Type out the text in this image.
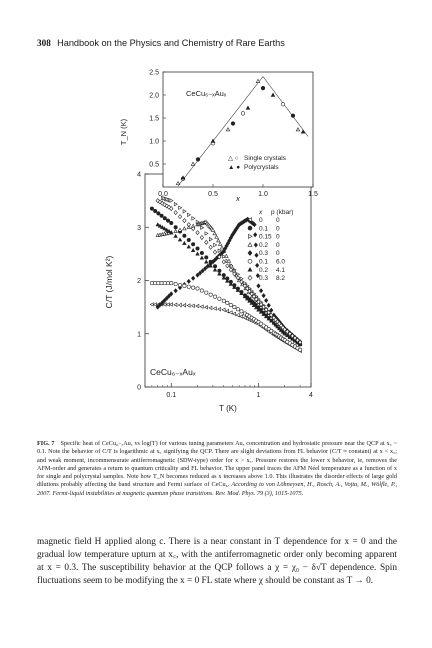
308 Handbook on the Physics and Chemistry of Rare Earths
0
1
2
3
4
0.1	1	4
C/T (J/mol K²)
T (K)
CeCu₆₋ₓAuₓ
x p (kbar)
0 0
0.1 0
0.15 0
0.2 0
0.3 0
0.1 6.0
0.2 4.1
0.3 8.2
0.5
1.0
1.5
2.0
2.5
0.0	0.5	1.0	1.5
T_N (K)
x
CeCu₆₋ₓAuₓ
△ ○ Single crystals
▲ ● Polycrystals
FIG. 7 Specific heat of CeCu₆₋ₓAuₓ vs log(T) for various tuning parameters Auₓ concentration and hydrostatic pressure near the QCP at x꜀ ~ 0.1. Note the behavior of C/T is logarithmic at x꜀ signifying the QCP. There are slight deviations from FL behavior (C/T ≈ constant) at x < x꜀; and weak moment, incommensurate antiferromagnetic (SDW-type) order for x > x꜀. Pressure restores the lower x behavior, ie, removes the AFM-order and generates a return to quantum criticality and FL behavior. The upper panel traces the AFM Néel temperature as a function of x for single and polycrystal samples. Note how T_N becomes reduced as x increases above 1.0. This illustrates the disorder effects of large gold dilutions probably affecting the band structure and Fermi surface of CeCu₆. According to von Löhneysen, H., Rosch, A., Vojta, M., Wölfle, P., 2007. Fermi-liquid instabilities at magnetic quantum phase transitions. Rev. Mod. Phys. 79 (3), 1015-1075.
magnetic field H applied along c. There is a near constant in T dependence for x = 0 and the gradual low temperature upturn at x꜀, with the antiferromagnetic order only becoming apparent at x = 0.3. The susceptibility behavior at the QCP follows a χ = χ₀ − δ√T dependence. Spin fluctuations seem to be modifying the x = 0 FL state where χ should be constant as T → 0.
